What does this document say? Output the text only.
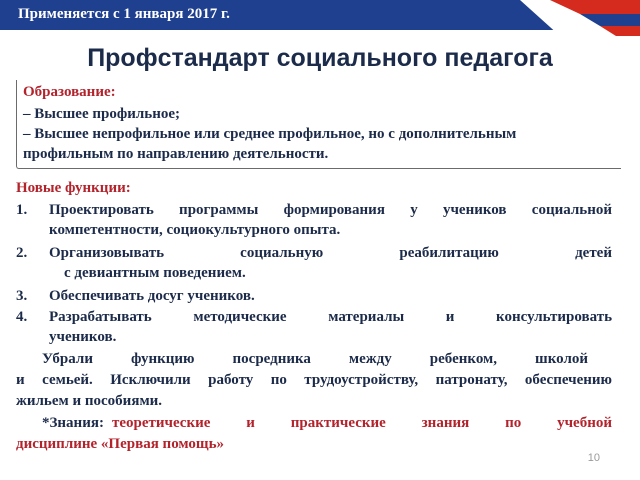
Применяется с 1 января 2017 г.
Профстандарт социального педагога
Образование:
– Высшее профильное;
– Высшее непрофильное или среднее профильное, но с дополнительным
профильным по направлению деятельности.
Новые функции:
1. Проектировать программы формирования у учеников социальной
компетентности, социокультурного опыта.
2. Организовывать социальную реабилитацию детей
с девиантным поведением.
3. Обеспечивать досуг учеников.
4. Разрабатывать методические материалы и консультировать
учеников.
Убрали функцию посредника между ребенком, школой
и семьей. Исключили работу по трудоустройству, патронату, обеспечению
жильем и пособиями.
*Знания: теоретические и практические знания по учебной
дисциплине «Первая помощь»
10
